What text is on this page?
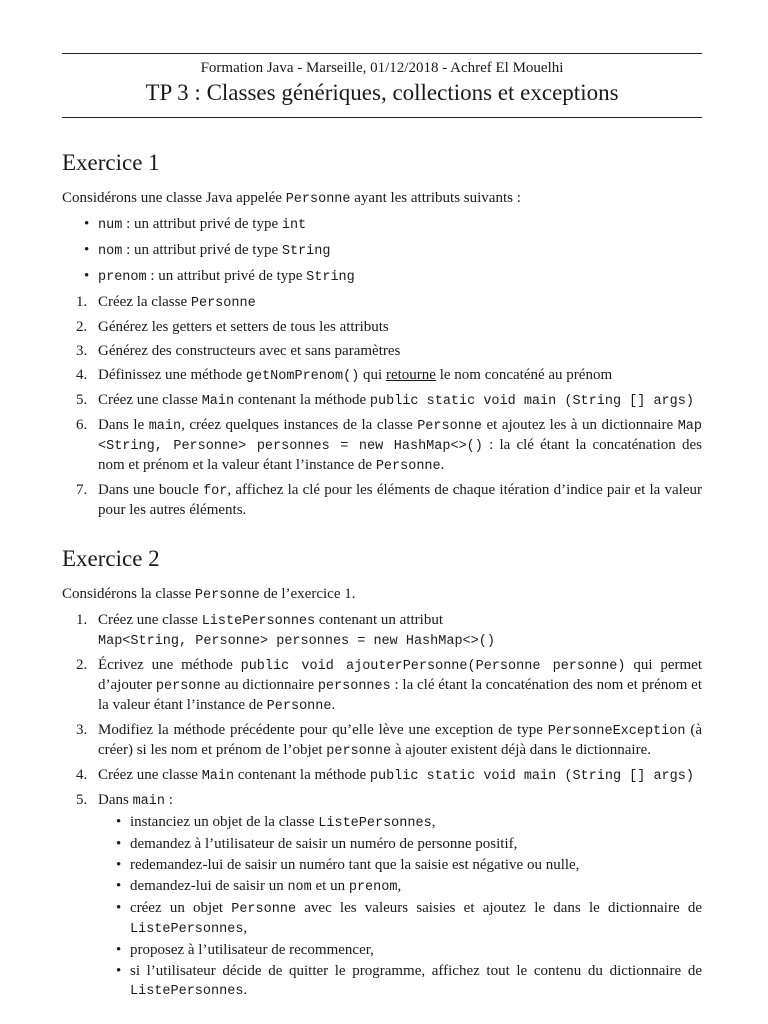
Formation Java - Marseille, 01/12/2018 - Achref El Mouelhi
TP 3 : Classes génériques, collections et exceptions
Exercice 1

Considérons une classe Java appelée Personne ayant les attributs suivants :

• num : un attribut privé de type int
• nom : un attribut privé de type String
• prenom : un attribut privé de type String
1. Créez la classe Personne
2. Générez les getters et setters de tous les attributs
3. Générez des constructeurs avec et sans paramètres
4. Définissez une méthode getNomPrenom() qui retourne le nom concaténé au prénom
5. Créez une classe Main contenant la méthode public static void main (String [] args)
6. Dans le main, créez quelques instances de la classe Personne et ajoutez les à un dictionnaire Map <String, Personne> personnes = new HashMap<>() : la clé étant la concaténation des nom et prénom et la valeur étant l’instance de Personne.
7. Dans une boucle for, affichez la clé pour les éléments de chaque itération d’indice pair et la valeur pour les autres éléments.
Exercice 2

Considérons la classe Personne de l’exercice 1.

1. Créez une classe ListePersonnes contenant un attribut
Map<String, Personne> personnes = new HashMap<>()
2. Écrivez une méthode public void ajouterPersonne(Personne personne) qui permet d’ajouter personne au dictionnaire personnes : la clé étant la concaténation des nom et prénom et la valeur étant l’instance de Personne.
3. Modifiez la méthode précédente pour qu’elle lève une exception de type PersonneException (à créer) si les nom et prénom de l’objet personne à ajouter existent déjà dans le dictionnaire.
4. Créez une classe Main contenant la méthode public static void main (String [] args)
5. Dans main :
• instanciez un objet de la classe ListePersonnes,
• demandez à l’utilisateur de saisir un numéro de personne positif,
• redemandez-lui de saisir un numéro tant que la saisie est négative ou nulle,
• demandez-lui de saisir un nom et un prenom,
• créez un objet Personne avec les valeurs saisies et ajoutez le dans le dictionnaire de ListePersonnes,
• proposez à l’utilisateur de recommencer,
• si l’utilisateur décide de quitter le programme, affichez tout le contenu du dictionnaire de ListePersonnes.
